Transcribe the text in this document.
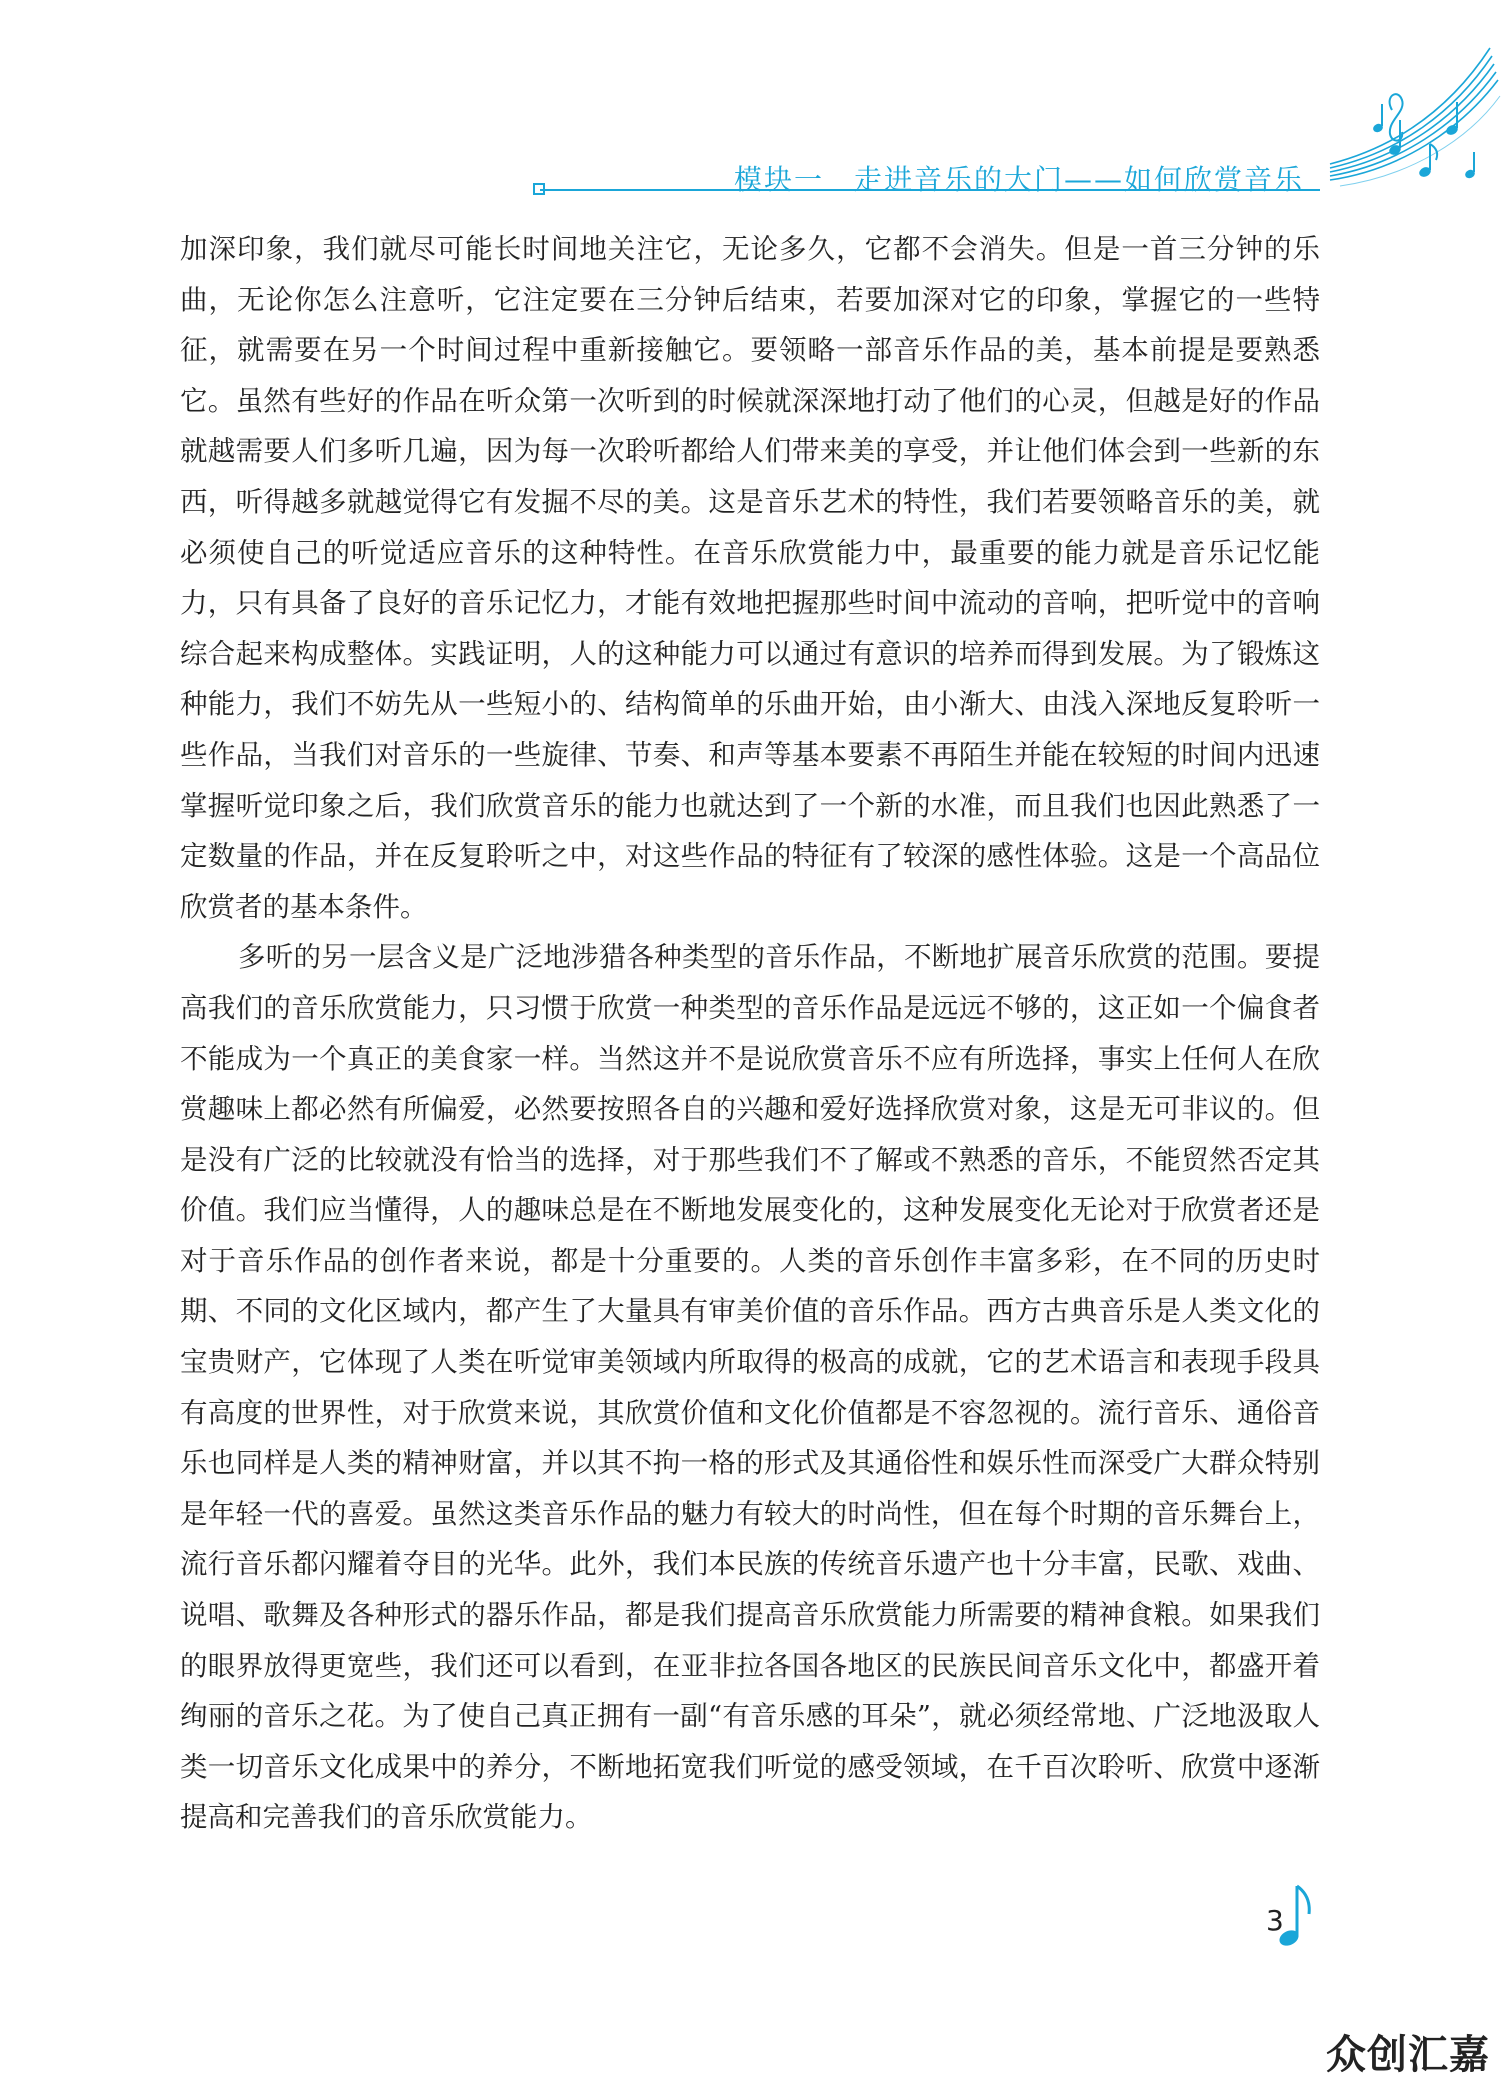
模块一　走进音乐的大门——如何欣赏音乐

加深印象，我们就尽可能长时间地关注它，无论多久，它都不会消失。但是一首三分钟的乐曲，无论你怎么注意听，它注定要在三分钟后结束，若要加深对它的印象，掌握它的一些特征，就需要在另一个时间过程中重新接触它。要领略一部音乐作品的美，基本前提是要熟悉它。虽然有些好的作品在听众第一次听到的时候就深深地打动了他们的心灵，但越是好的作品就越需要人们多听几遍，因为每一次聆听都给人们带来美的享受，并让他们体会到一些新的东西，听得越多就越觉得它有发掘不尽的美。这是音乐艺术的特性，我们若要领略音乐的美，就必须使自己的听觉适应音乐的这种特性。在音乐欣赏能力中，最重要的能力就是音乐记忆能力，只有具备了良好的音乐记忆力，才能有效地把握那些时间中流动的音响，把听觉中的音响综合起来构成整体。实践证明，人的这种能力可以通过有意识的培养而得到发展。为了锻炼这种能力，我们不妨先从一些短小的、结构简单的乐曲开始，由小渐大、由浅入深地反复聆听一些作品，当我们对音乐的一些旋律、节奏、和声等基本要素不再陌生并能在较短的时间内迅速掌握听觉印象之后，我们欣赏音乐的能力也就达到了一个新的水准，而且我们也因此熟悉了一定数量的作品，并在反复聆听之中，对这些作品的特征有了较深的感性体验。这是一个高品位欣赏者的基本条件。

多听的另一层含义是广泛地涉猎各种类型的音乐作品，不断地扩展音乐欣赏的范围。要提高我们的音乐欣赏能力，只习惯于欣赏一种类型的音乐作品是远远不够的，这正如一个偏食者不能成为一个真正的美食家一样。当然这并不是说欣赏音乐不应有所选择，事实上任何人在欣赏趣味上都必然有所偏爱，必然要按照各自的兴趣和爱好选择欣赏对象，这是无可非议的。但是没有广泛的比较就没有恰当的选择，对于那些我们不了解或不熟悉的音乐，不能贸然否定其价值。我们应当懂得，人的趣味总是在不断地发展变化的，这种发展变化无论对于欣赏者还是对于音乐作品的创作者来说，都是十分重要的。人类的音乐创作丰富多彩，在不同的历史时期、不同的文化区域内，都产生了大量具有审美价值的音乐作品。西方古典音乐是人类文化的宝贵财产，它体现了人类在听觉审美领域内所取得的极高的成就，它的艺术语言和表现手段具有高度的世界性，对于欣赏来说，其欣赏价值和文化价值都是不容忽视的。流行音乐、通俗音乐也同样是人类的精神财富，并以其不拘一格的形式及其通俗性和娱乐性而深受广大群众特别是年轻一代的喜爱。虽然这类音乐作品的魅力有较大的时尚性，但在每个时期的音乐舞台上，流行音乐都闪耀着夺目的光华。此外，我们本民族的传统音乐遗产也十分丰富，民歌、戏曲、说唱、歌舞及各种形式的器乐作品，都是我们提高音乐欣赏能力所需要的精神食粮。如果我们的眼界放得更宽些，我们还可以看到，在亚非拉各国各地区的民族民间音乐文化中，都盛开着绚丽的音乐之花。为了使自己真正拥有一副“有音乐感的耳朵”，就必须经常地、广泛地汲取人类一切音乐文化成果中的养分，不断地拓宽我们听觉的感受领域，在千百次聆听、欣赏中逐渐提高和完善我们的音乐欣赏能力。

3
众创汇嘉
